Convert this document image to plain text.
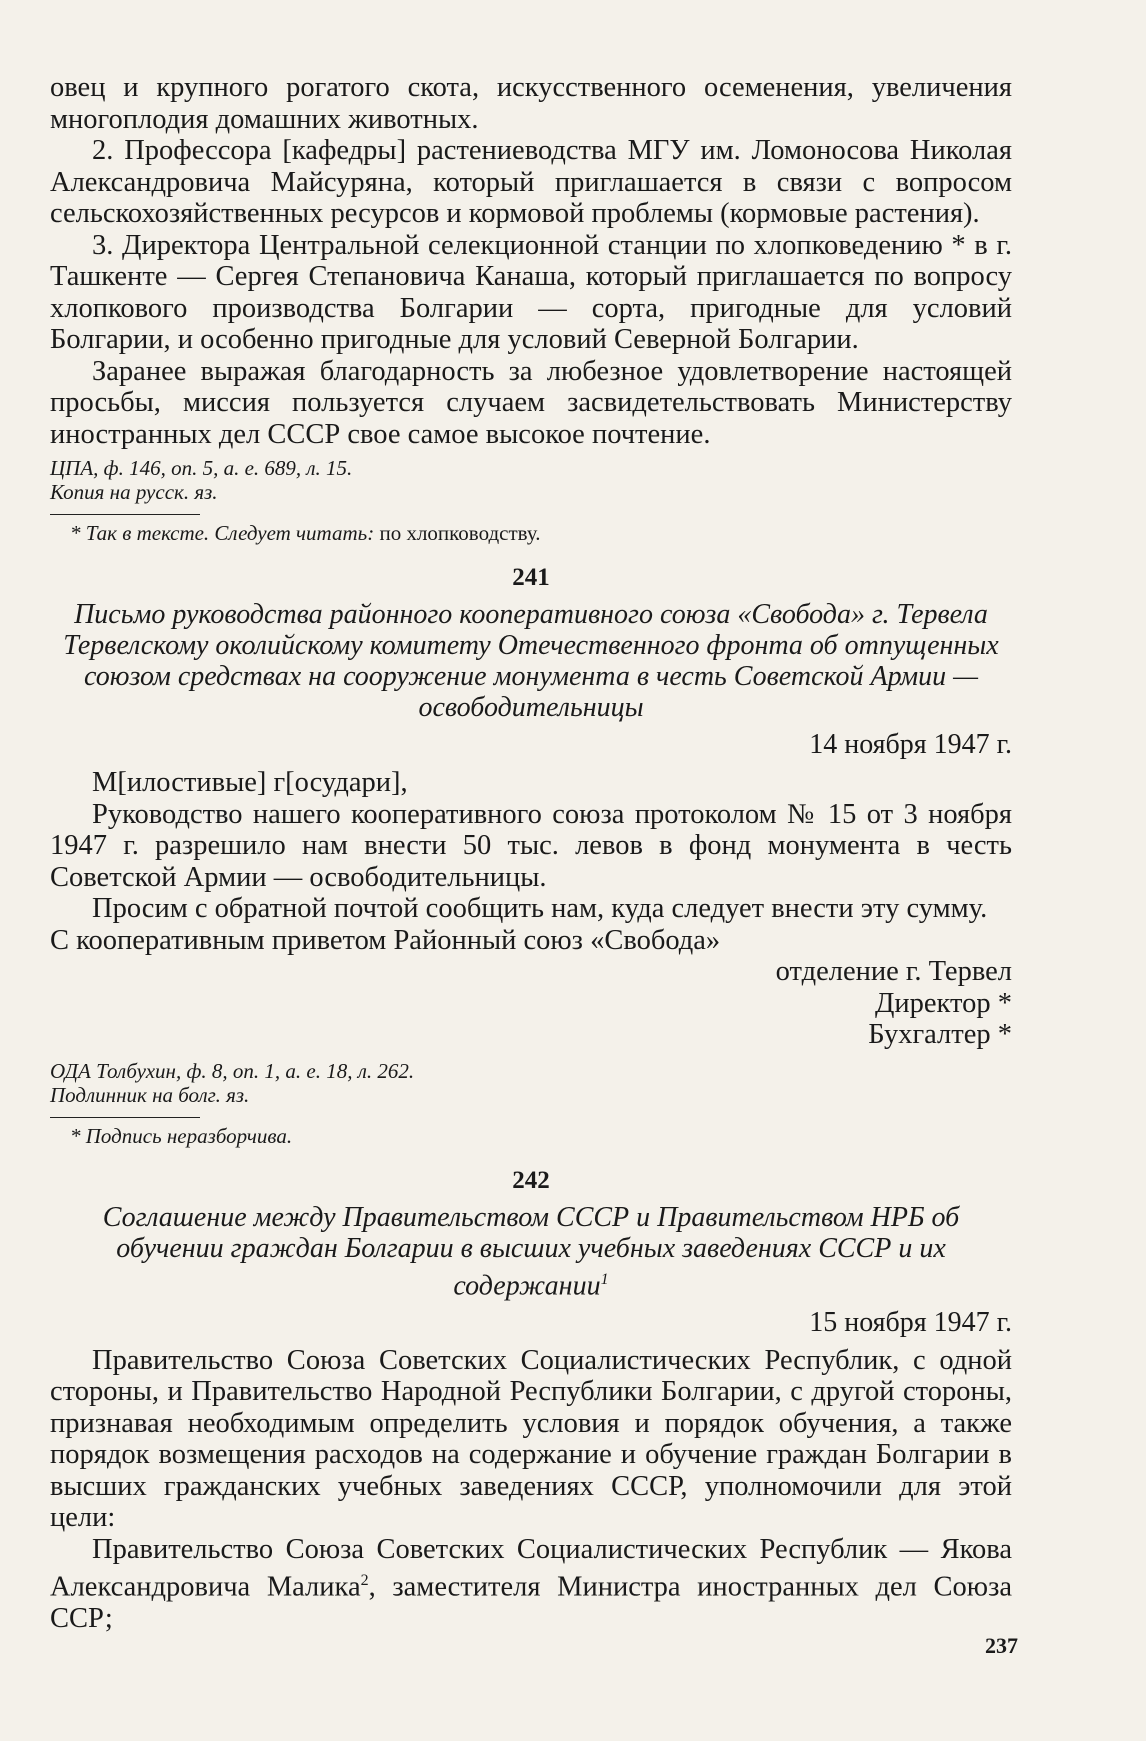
овец и крупного рогатого скота, искусственного осеменения, увеличения многоплодия домашних животных.

2. Профессора [кафедры] растениеводства МГУ им. Ломоносова Николая Александровича Майсуряна, который приглашается в связи с вопросом сельскохозяйственных ресурсов и кормовой проблемы (кормовые растения).

3. Директора Центральной селекционной станции по хлопковедению * в г. Ташкенте — Сергея Степановича Канаша, который приглашается по вопросу хлопкового производства Болгарии — сорта, пригодные для условий Болгарии, и особенно пригодные для условий Северной Болгарии.

Заранее выражая благодарность за любезное удовлетворение настоящей просьбы, миссия пользуется случаем засвидетельствовать Министерству иностранных дел СССР свое самое высокое почтение.

ЦПА, ф. 146, оп. 5, а. е. 689, л. 15.

Копия на русск. яз.

* Так в тексте. Следует читать: по хлопководству.

241

Письмо руководства районного кооперативного союза «Свобода» г. Тервела Тервелскому околийскому комитету Отечественного фронта об отпущенных союзом средствах на сооружение монумента в честь Советской Армии — освободительницы

14 ноября 1947 г.

М[илостивые] г[осудари],

Руководство нашего кооперативного союза протоколом № 15 от 3 ноября 1947 г. разрешило нам внести 50 тыс. левов в фонд монумента в честь Советской Армии — освободительницы.

Просим с обратной почтой сообщить нам, куда следует внести эту сумму.

С кооперативным приветом Районный союз «Свобода»

отделение г. Тервел

Директор *

Бухгалтер *

ОДА Толбухин, ф. 8, оп. 1, а. е. 18, л. 262.

Подлинник на болг. яз.

* Подпись неразборчива.

242

Соглашение между Правительством СССР и Правительством НРБ об обучении граждан Болгарии в высших учебных заведениях СССР и их содержании$^1$

15 ноября 1947 г.

Правительство Союза Советских Социалистических Республик, с одной стороны, и Правительство Народной Республики Болгарии, с другой стороны, признавая необходимым определить условия и порядок обучения, а также порядок возмещения расходов на содержание и обучение граждан Болгарии в высших гражданских учебных заведениях СССР, уполномочили для этой цели:

Правительство Союза Советских Социалистических Республик — Якова Александровича Малика$^2$, заместителя Министра иностранных дел Союза ССР;

237
